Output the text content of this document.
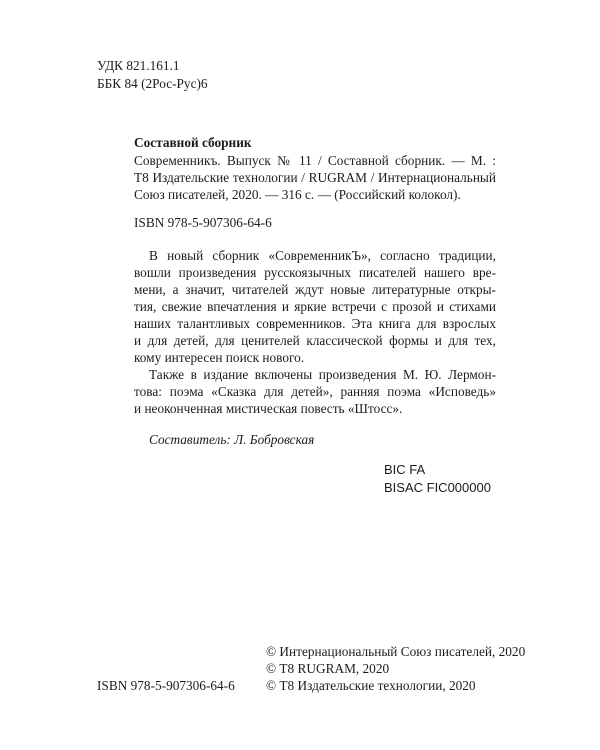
УДК 821.161.1
ББК 84 (2Рос-Рус)6
Составной сборник
Современникъ. Выпуск № 11 / Составной сборник. — М. :
Т8 Издательские технологии / RUGRAM / Интернациональный
Союз писателей, 2020. — 316 с. — (Российский колокол).
ISBN 978-5-907306-64-6
В новый сборник «СовременникЪ», согласно традиции,
вошли произведения русскоязычных писателей нашего вре-
мени, а значит, читателей ждут новые литературные откры-
тия, свежие впечатления и яркие встречи с прозой и стихами
наших талантливых современников. Эта книга для взрослых
и для детей, для ценителей классической формы и для тех,
кому интересен поиск нового.
Также в издание включены произведения М. Ю. Лермон-
това: поэма «Сказка для детей», ранняя поэма «Исповедь»
и неоконченная мистическая повесть «Штосс».
Составитель: Л. Бобровская
BIC FA
BISAC FIC000000
ISBN 978-5-907306-64-6
© Интернациональный Союз писателей, 2020
© Т8 RUGRAM, 2020
© Т8 Издательские технологии, 2020
